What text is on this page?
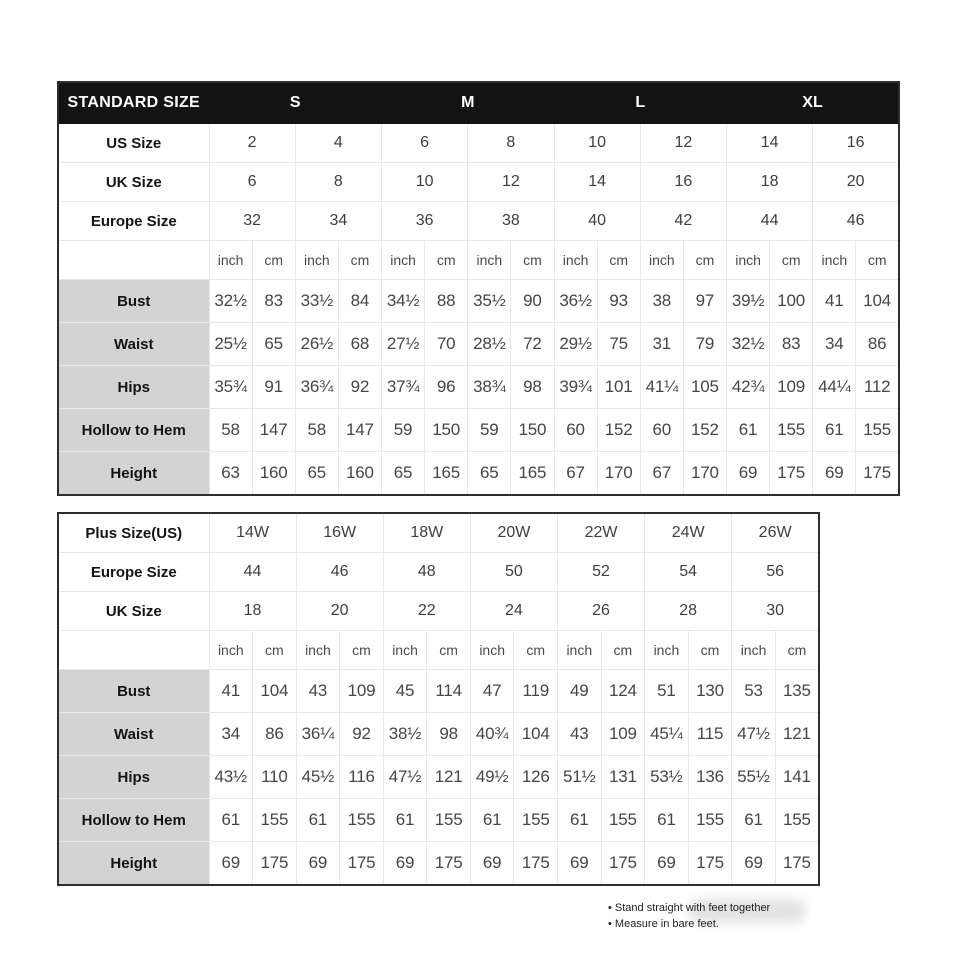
STANDARD SIZE	S				M				L				XL			
US Size	2		4		6		8		10		12		14		16	
UK Size	6		8		10		12		14		16		18		20	
Europe Size	32		34		36		38		40		42		44		46	
	inch	cm	inch	cm	inch	cm	inch	cm	inch	cm	inch	cm	inch	cm	inch	cm
Bust	32½	83	33½	84	34½	88	35½	90	36½	93	38	97	39½	100	41	104
Waist	25½	65	26½	68	27½	70	28½	72	29½	75	31	79	32½	83	34	86
Hips	35¾	91	36¾	92	37¾	96	38¾	98	39¾	101	41¼	105	42¾	109	44¼	112
Hollow to Hem	58	147	58	147	59	150	59	150	60	152	60	152	61	155	61	155
Height	63	160	65	160	65	165	65	165	67	170	67	170	69	175	69	175
Plus Size(US)	14W		16W		18W		20W		22W		24W		26W	
Europe Size	44		46		48		50		52		54		56	
UK Size	18		20		22		24		26		28		30	
	inch	cm	inch	cm	inch	cm	inch	cm	inch	cm	inch	cm	inch	cm
Bust	41	104	43	109	45	114	47	119	49	124	51	130	53	135
Waist	34	86	36¼	92	38½	98	40¾	104	43	109	45¼	115	47½	121
Hips	43½	110	45½	116	47½	121	49½	126	51½	131	53½	136	55½	141
Hollow to Hem	61	155	61	155	61	155	61	155	61	155	61	155	61	155
Height	69	175	69	175	69	175	69	175	69	175	69	175	69	175
• Stand straight with feet together
• Measure in bare feet.
